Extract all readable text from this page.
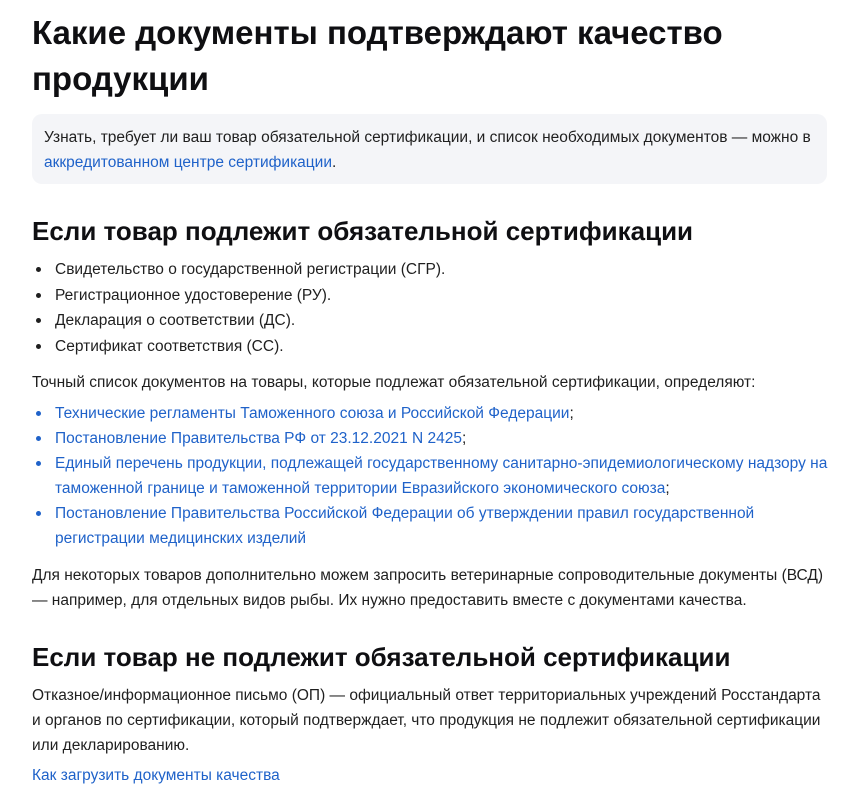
Какие документы подтверждают качество продукции
Узнать, требует ли ваш товар обязательной сертификации, и список необходимых документов — можно в аккредитованном центре сертификации.
Если товар подлежит обязательной сертификации
Свидетельство о государственной регистрации (СГР).
Регистрационное удостоверение (РУ).
Декларация о соответствии (ДС).
Сертификат соответствия (СС).

Точный список документов на товары, которые подлежат обязательной сертификации, определяют:

Технические регламенты Таможенного союза и Российской Федерации;
Постановление Правительства РФ от 23.12.2021 N 2425;
Единый перечень продукции, подлежащей государственному санитарно-эпидемиологическому надзору на таможенной границе и таможенной территории Евразийского экономического союза;
Постановление Правительства Российской Федерации об утверждении правил государственной регистрации медицинских изделий

Для некоторых товаров дополнительно можем запросить ветеринарные сопроводительные документы (ВСД) — например, для отдельных видов рыбы. Их нужно предоставить вместе с документами качества.

Если товар не подлежит обязательной сертификации

Отказное/информационное письмо (ОП) — официальный ответ территориальных учреждений Росстандарта и органов по сертификации, который подтверждает, что продукция не подлежит обязательной сертификации или декларированию.

Как загрузить документы качества
